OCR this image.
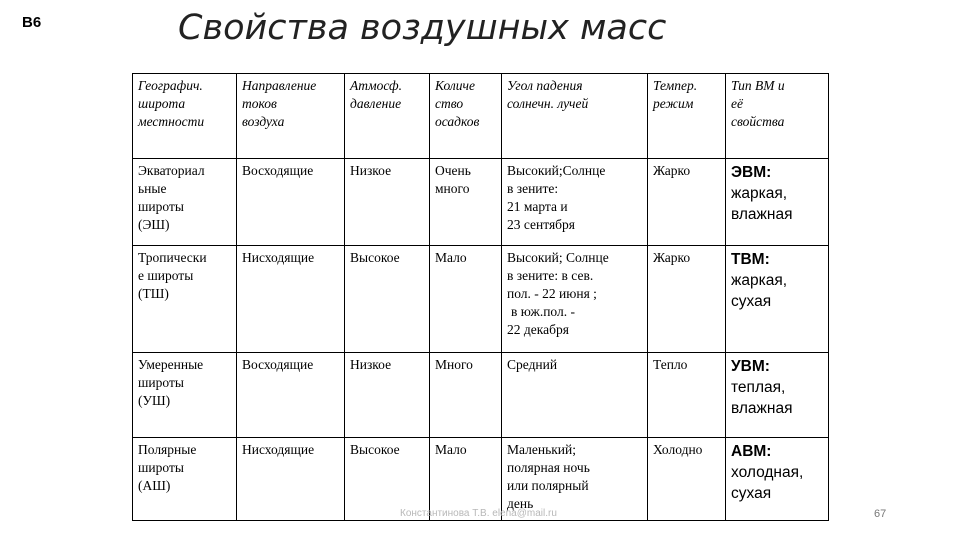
В6	Свойства воздушных масс
Географич.
широта
местности	Направление
токов
воздуха	Атмосф.
давление	Количе
ство
осадков	Угол падения
солнечн. лучей	Темпер.
режим	Тип ВМ и
её
свойства

Экваториал
ьные
широты
(ЭШ)	Восходящие	Низкое	Очень
много	Высокий;Солнце
в зените:
21 марта и
23 сентября	Жарко	ЭВМ:
жаркая,
влажная

Тропически
е широты
(ТШ)	Нисходящие	Высокое	Мало	Высокий; Солнце
в зените: в сев.
пол. - 22 июня ;
в юж.пол. -
22 декабря	Жарко	ТВМ:
жаркая,
сухая

Умеренные
широты
(УШ)	Восходящие	Низкое	Много	Средний	Тепло	УВМ:
теплая,
влажная

Полярные
широты
(АШ)	Нисходящие	Высокое	Мало	Маленький;
полярная ночь
или полярный
день	Холодно	АВМ:
холодная,
сухая
Константинова Т.В. elena@mail.ru	67
